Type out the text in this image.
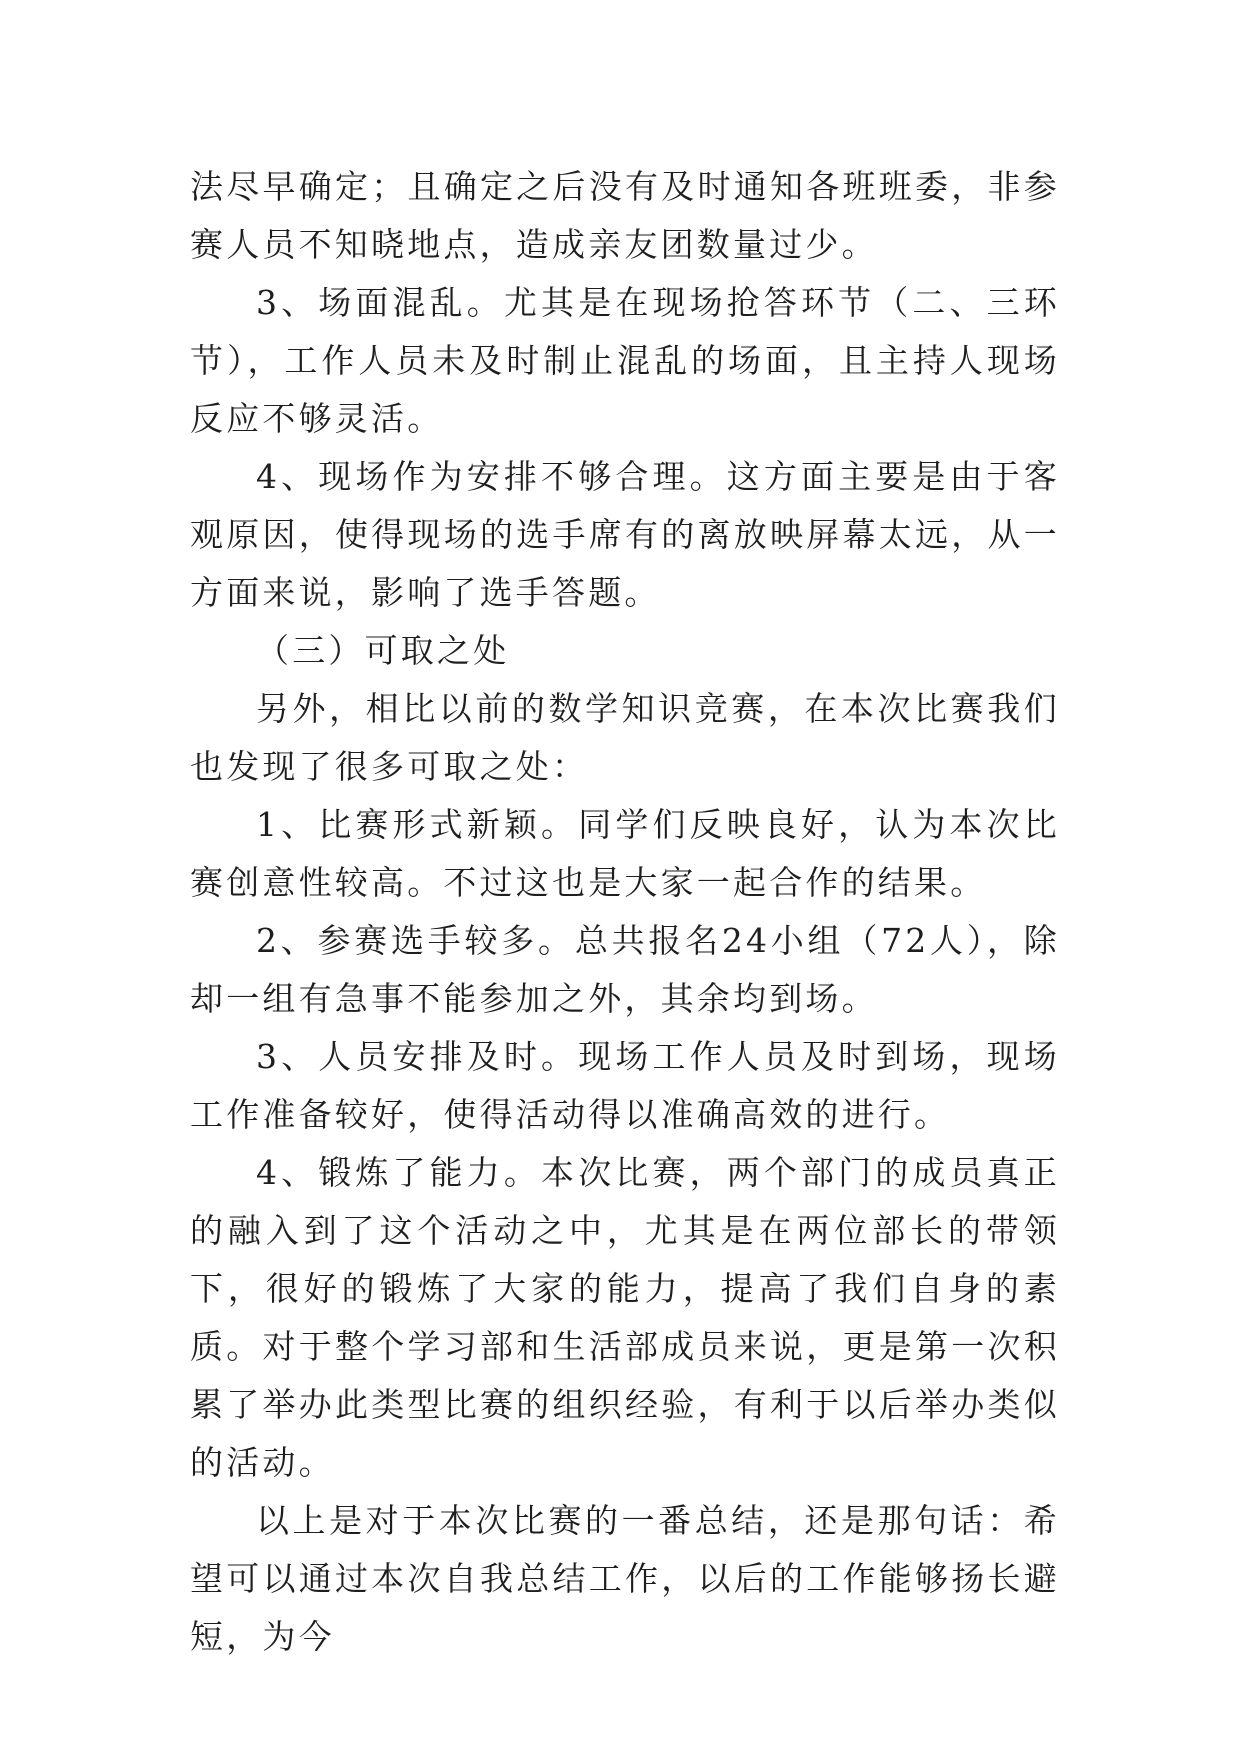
法尽早确定；且确定之后没有及时通知各班班委，非参赛人员不知晓地点，造成亲友团数量过少。

3、场面混乱。尤其是在现场抢答环节（二、三环节），工作人员未及时制止混乱的场面，且主持人现场反应不够灵活。

4、现场作为安排不够合理。这方面主要是由于客观原因，使得现场的选手席有的离放映屏幕太远，从一方面来说，影响了选手答题。

（三）可取之处

另外，相比以前的数学知识竞赛，在本次比赛我们也发现了很多可取之处：

1、比赛形式新颖。同学们反映良好，认为本次比赛创意性较高。不过这也是大家一起合作的结果。

2、参赛选手较多。总共报名24小组（72人），除却一组有急事不能参加之外，其余均到场。

3、人员安排及时。现场工作人员及时到场，现场工作准备较好，使得活动得以准确高效的进行。

4、锻炼了能力。本次比赛，两个部门的成员真正的融入到了这个活动之中，尤其是在两位部长的带领下，很好的锻炼了大家的能力，提高了我们自身的素质。对于整个学习部和生活部成员来说，更是第一次积累了举办此类型比赛的组织经验，有利于以后举办类似的活动。

以上是对于本次比赛的一番总结，还是那句话：希望可以通过本次自我总结工作，以后的工作能够扬长避短，为今
